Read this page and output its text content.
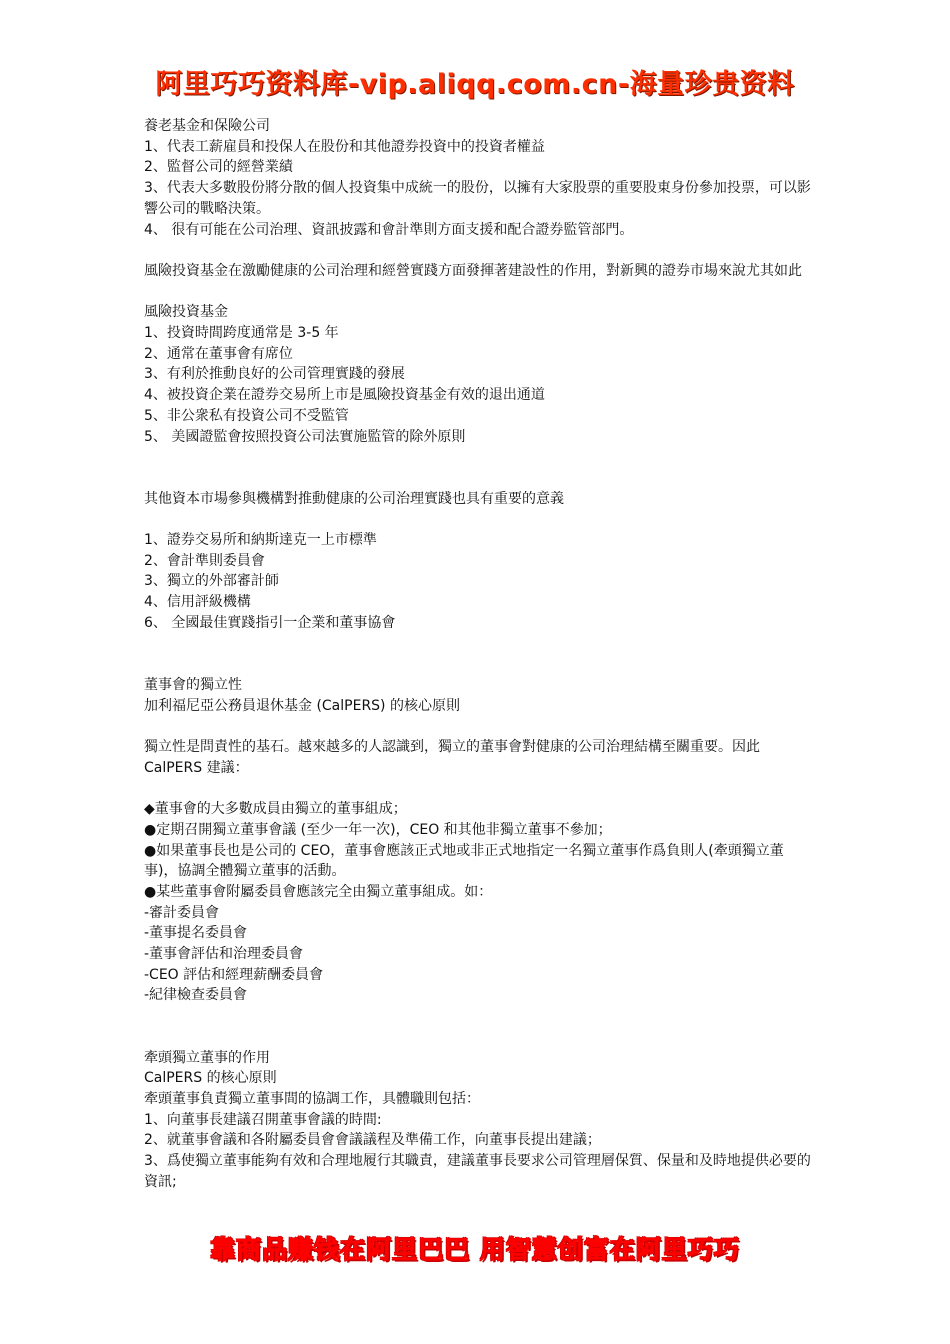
阿里巧巧资料库-vip.aliqq.com.cn-海量珍贵资料
養老基金和保險公司
1、代表工薪雇員和投保人在股份和其他證券投資中的投資者權益
2、監督公司的經營業績
3、代表大多數股份將分散的個人投資集中成統一的股份，以擁有大家股票的重要股東身份參加投票，可以影響公司的戰略決策。
4、 很有可能在公司治理、資訊披露和會計準則方面支援和配合證券監管部門。
風險投資基金在激勵健康的公司治理和經營實踐方面發揮著建設性的作用，對新興的證券市場來說尤其如此
風險投資基金
1、投資時間跨度通常是 3-5 年
2、通常在董事會有席位
3、有利於推動良好的公司管理實踐的發展
4、被投資企業在證券交易所上市是風險投資基金有效的退出通道
5、非公衆私有投資公司不受監管
5、 美國證監會按照投資公司法實施監管的除外原則
其他資本市場參與機構對推動健康的公司治理實踐也具有重要的意義
1、證券交易所和納斯達克一上市標準
2、會計準則委員會
3、獨立的外部審計師
4、信用評級機構
6、 全國最佳實踐指引一企業和董事協會
董事會的獨立性
加利福尼亞公務員退休基金 (CalPERS) 的核心原則
獨立性是問責性的基石。越來越多的人認識到，獨立的董事會對健康的公司治理結構至關重要。因此 CalPERS 建議：
◆董事會的大多數成員由獨立的董事組成；
●定期召開獨立董事會議 (至少一年一次)，CEO 和其他非獨立董事不參加；
●如果董事長也是公司的 CEO，董事會應該正式地或非正式地指定一名獨立董事作爲負則人(牽頭獨立董事)，協調全體獨立董事的活動。
●某些董事會附屬委員會應該完全由獨立董事組成。如：
-審計委員會
-董事提名委員會
-董事會評估和治理委員會
-CEO 評估和經理薪酬委員會
-紀律檢查委員會
牽頭獨立董事的作用
CalPERS 的核心原則
牽頭董事負責獨立董事間的協調工作，具體職則包括：
1、向董事長建議召開董事會議的時間:
2、就董事會議和各附屬委員會會議議程及準備工作，向董事長提出建議；
3、爲使獨立董事能夠有效和合理地履行其職責，建議董事長要求公司管理層保質、保量和及時地提供必要的資訊;
靠商品赚钱在阿里巴巴 用智慧创富在阿里巧巧
